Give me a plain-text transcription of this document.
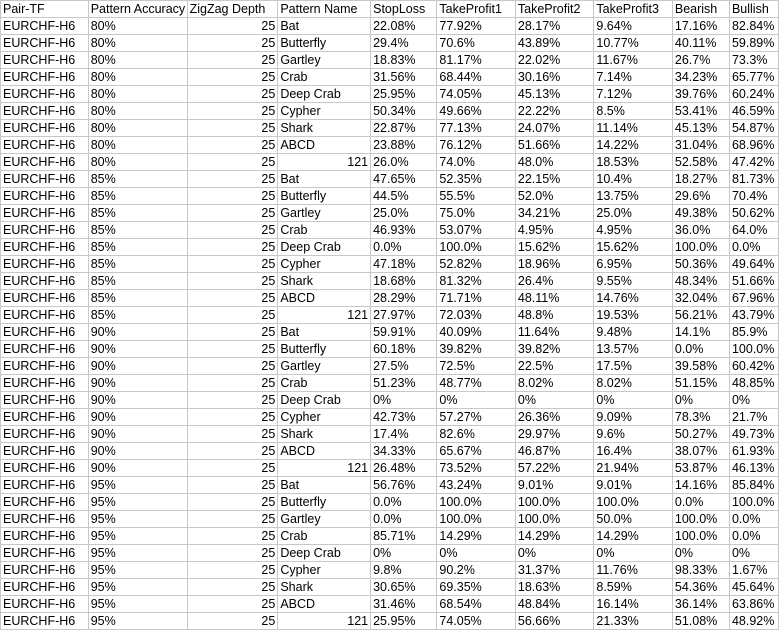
Pair-TF	Pattern Accuracy	ZigZag Depth	Pattern Name	StopLoss	TakeProfit1	TakeProfit2	TakeProfit3	Bearish	Bullish
EURCHF-H6	80%	25	Bat	22.08%	77.92%	28.17%	9.64%	17.16%	82.84%
EURCHF-H6	80%	25	Butterfly	29.4%	70.6%	43.89%	10.77%	40.11%	59.89%
EURCHF-H6	80%	25	Gartley	18.83%	81.17%	22.02%	11.67%	26.7%	73.3%
EURCHF-H6	80%	25	Crab	31.56%	68.44%	30.16%	7.14%	34.23%	65.77%
EURCHF-H6	80%	25	Deep Crab	25.95%	74.05%	45.13%	7.12%	39.76%	60.24%
EURCHF-H6	80%	25	Cypher	50.34%	49.66%	22.22%	8.5%	53.41%	46.59%
EURCHF-H6	80%	25	Shark	22.87%	77.13%	24.07%	11.14%	45.13%	54.87%
EURCHF-H6	80%	25	ABCD	23.88%	76.12%	51.66%	14.22%	31.04%	68.96%
EURCHF-H6	80%	25	121	26.0%	74.0%	48.0%	18.53%	52.58%	47.42%
EURCHF-H6	85%	25	Bat	47.65%	52.35%	22.15%	10.4%	18.27%	81.73%
EURCHF-H6	85%	25	Butterfly	44.5%	55.5%	52.0%	13.75%	29.6%	70.4%
EURCHF-H6	85%	25	Gartley	25.0%	75.0%	34.21%	25.0%	49.38%	50.62%
EURCHF-H6	85%	25	Crab	46.93%	53.07%	4.95%	4.95%	36.0%	64.0%
EURCHF-H6	85%	25	Deep Crab	0.0%	100.0%	15.62%	15.62%	100.0%	0.0%
EURCHF-H6	85%	25	Cypher	47.18%	52.82%	18.96%	6.95%	50.36%	49.64%
EURCHF-H6	85%	25	Shark	18.68%	81.32%	26.4%	9.55%	48.34%	51.66%
EURCHF-H6	85%	25	ABCD	28.29%	71.71%	48.11%	14.76%	32.04%	67.96%
EURCHF-H6	85%	25	121	27.97%	72.03%	48.8%	19.53%	56.21%	43.79%
EURCHF-H6	90%	25	Bat	59.91%	40.09%	11.64%	9.48%	14.1%	85.9%
EURCHF-H6	90%	25	Butterfly	60.18%	39.82%	39.82%	13.57%	0.0%	100.0%
EURCHF-H6	90%	25	Gartley	27.5%	72.5%	22.5%	17.5%	39.58%	60.42%
EURCHF-H6	90%	25	Crab	51.23%	48.77%	8.02%	8.02%	51.15%	48.85%
EURCHF-H6	90%	25	Deep Crab	0%	0%	0%	0%	0%	0%
EURCHF-H6	90%	25	Cypher	42.73%	57.27%	26.36%	9.09%	78.3%	21.7%
EURCHF-H6	90%	25	Shark	17.4%	82.6%	29.97%	9.6%	50.27%	49.73%
EURCHF-H6	90%	25	ABCD	34.33%	65.67%	46.87%	16.4%	38.07%	61.93%
EURCHF-H6	90%	25	121	26.48%	73.52%	57.22%	21.94%	53.87%	46.13%
EURCHF-H6	95%	25	Bat	56.76%	43.24%	9.01%	9.01%	14.16%	85.84%
EURCHF-H6	95%	25	Butterfly	0.0%	100.0%	100.0%	100.0%	0.0%	100.0%
EURCHF-H6	95%	25	Gartley	0.0%	100.0%	100.0%	50.0%	100.0%	0.0%
EURCHF-H6	95%	25	Crab	85.71%	14.29%	14.29%	14.29%	100.0%	0.0%
EURCHF-H6	95%	25	Deep Crab	0%	0%	0%	0%	0%	0%
EURCHF-H6	95%	25	Cypher	9.8%	90.2%	31.37%	11.76%	98.33%	1.67%
EURCHF-H6	95%	25	Shark	30.65%	69.35%	18.63%	8.59%	54.36%	45.64%
EURCHF-H6	95%	25	ABCD	31.46%	68.54%	48.84%	16.14%	36.14%	63.86%
EURCHF-H6	95%	25	121	25.95%	74.05%	56.66%	21.33%	51.08%	48.92%
